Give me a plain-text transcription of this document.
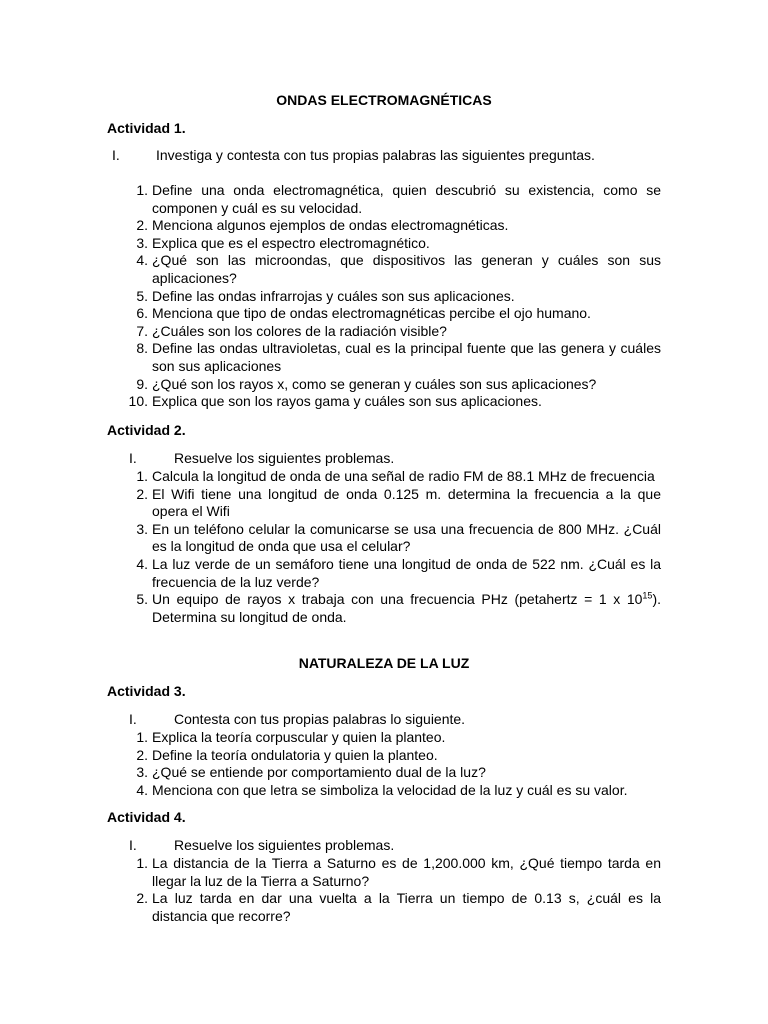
ONDAS ELECTROMAGNÉTICAS
Actividad 1.
I.	Investiga y contesta con tus propias palabras las siguientes preguntas.
1. Define una onda electromagnética, quien descubrió su existencia, como se componen y cuál es su velocidad.
2. Menciona algunos ejemplos de ondas electromagnéticas.
3. Explica que es el espectro electromagnético.
4. ¿Qué son las microondas, que dispositivos las generan y cuáles son sus aplicaciones?
5. Define las ondas infrarrojas y cuáles son sus aplicaciones.
6. Menciona que tipo de ondas electromagnéticas percibe el ojo humano.
7. ¿Cuáles son los colores de la radiación visible?
8. Define las ondas ultravioletas, cual es la principal fuente que las genera y cuáles son sus aplicaciones
9. ¿Qué son los rayos x, como se generan y cuáles son sus aplicaciones?
10. Explica que son los rayos gama y cuáles son sus aplicaciones.
Actividad 2.
I.	Resuelve los siguientes problemas.
1. Calcula la longitud de onda de una señal de radio FM de 88.1 MHz de frecuencia
2. El Wifi tiene una longitud de onda 0.125 m. determina la frecuencia a la que opera el Wifi
3. En un teléfono celular la comunicarse se usa una frecuencia de 800 MHz. ¿Cuál es la longitud de onda que usa el celular?
4. La luz verde de un semáforo tiene una longitud de onda de 522 nm. ¿Cuál es la frecuencia de la luz verde?
5. Un equipo de rayos x trabaja con una frecuencia PHz (petahertz = 1 x $10^{15}$). Determina su longitud de onda.
NATURALEZA DE LA LUZ
Actividad 3.
I.	Contesta con tus propias palabras lo siguiente.
1. Explica la teoría corpuscular y quien la planteo.
2. Define la teoría ondulatoria y quien la planteo.
3. ¿Qué se entiende por comportamiento dual de la luz?
4. Menciona con que letra se simboliza la velocidad de la luz y cuál es su valor.
Actividad 4.
I.	Resuelve los siguientes problemas.
1. La distancia de la Tierra a Saturno es de 1,200.000 km, ¿Qué tiempo tarda en llegar la luz de la Tierra a Saturno?
2. La luz tarda en dar una vuelta a la Tierra un tiempo de 0.13 s, ¿cuál es la distancia que recorre?
